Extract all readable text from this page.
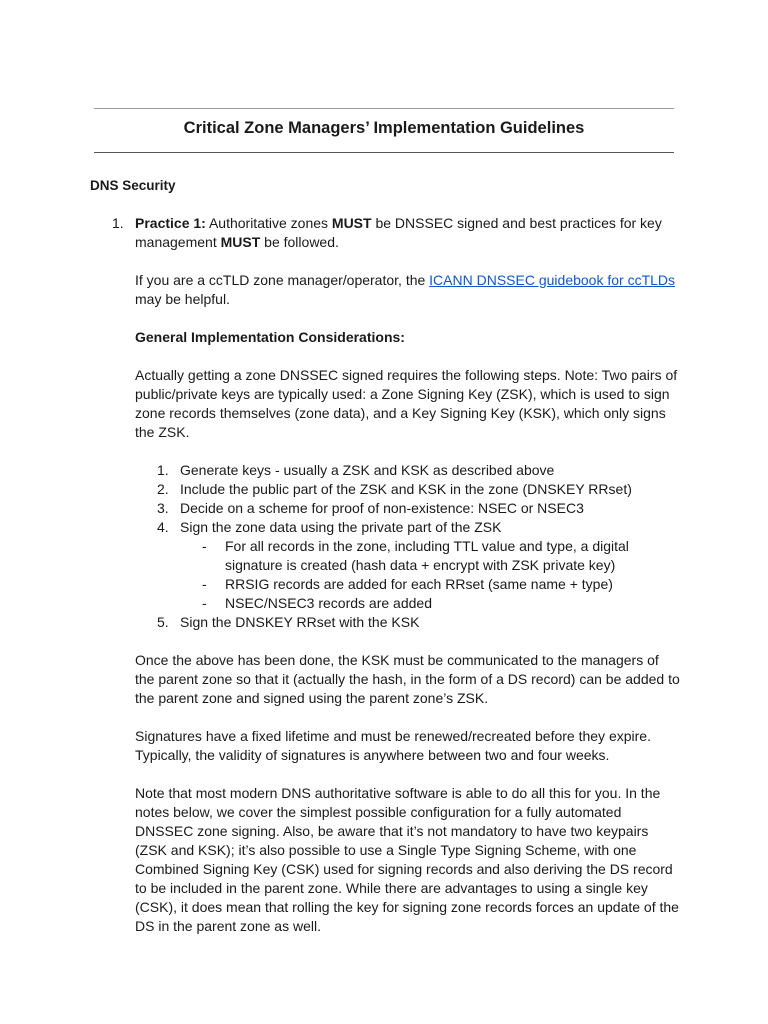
Critical Zone Managers’ Implementation Guidelines
DNS Security

1. Practice 1: Authoritative zones MUST be DNSSEC signed and best practices for key management MUST be followed.

If you are a ccTLD zone manager/operator, the ICANN DNSSEC guidebook for ccTLDs may be helpful.

General Implementation Considerations:

Actually getting a zone DNSSEC signed requires the following steps. Note: Two pairs of public/private keys are typically used: a Zone Signing Key (ZSK), which is used to sign zone records themselves (zone data), and a Key Signing Key (KSK), which only signs the ZSK.

1. Generate keys - usually a ZSK and KSK as described above
2. Include the public part of the ZSK and KSK in the zone (DNSKEY RRset)
3. Decide on a scheme for proof of non-existence: NSEC or NSEC3
4. Sign the zone data using the private part of the ZSK
- For all records in the zone, including TTL value and type, a digital signature is created (hash data + encrypt with ZSK private key)
- RRSIG records are added for each RRset (same name + type)
- NSEC/NSEC3 records are added
5. Sign the DNSKEY RRset with the KSK

Once the above has been done, the KSK must be communicated to the managers of the parent zone so that it (actually the hash, in the form of a DS record) can be added to the parent zone and signed using the parent zone’s ZSK.

Signatures have a fixed lifetime and must be renewed/recreated before they expire. Typically, the validity of signatures is anywhere between two and four weeks.

Note that most modern DNS authoritative software is able to do all this for you. In the notes below, we cover the simplest possible configuration for a fully automated DNSSEC zone signing. Also, be aware that it’s not mandatory to have two keypairs (ZSK and KSK); it’s also possible to use a Single Type Signing Scheme, with one Combined Signing Key (CSK) used for signing records and also deriving the DS record to be included in the parent zone. While there are advantages to using a single key (CSK), it does mean that rolling the key for signing zone records forces an update of the DS in the parent zone as well.
